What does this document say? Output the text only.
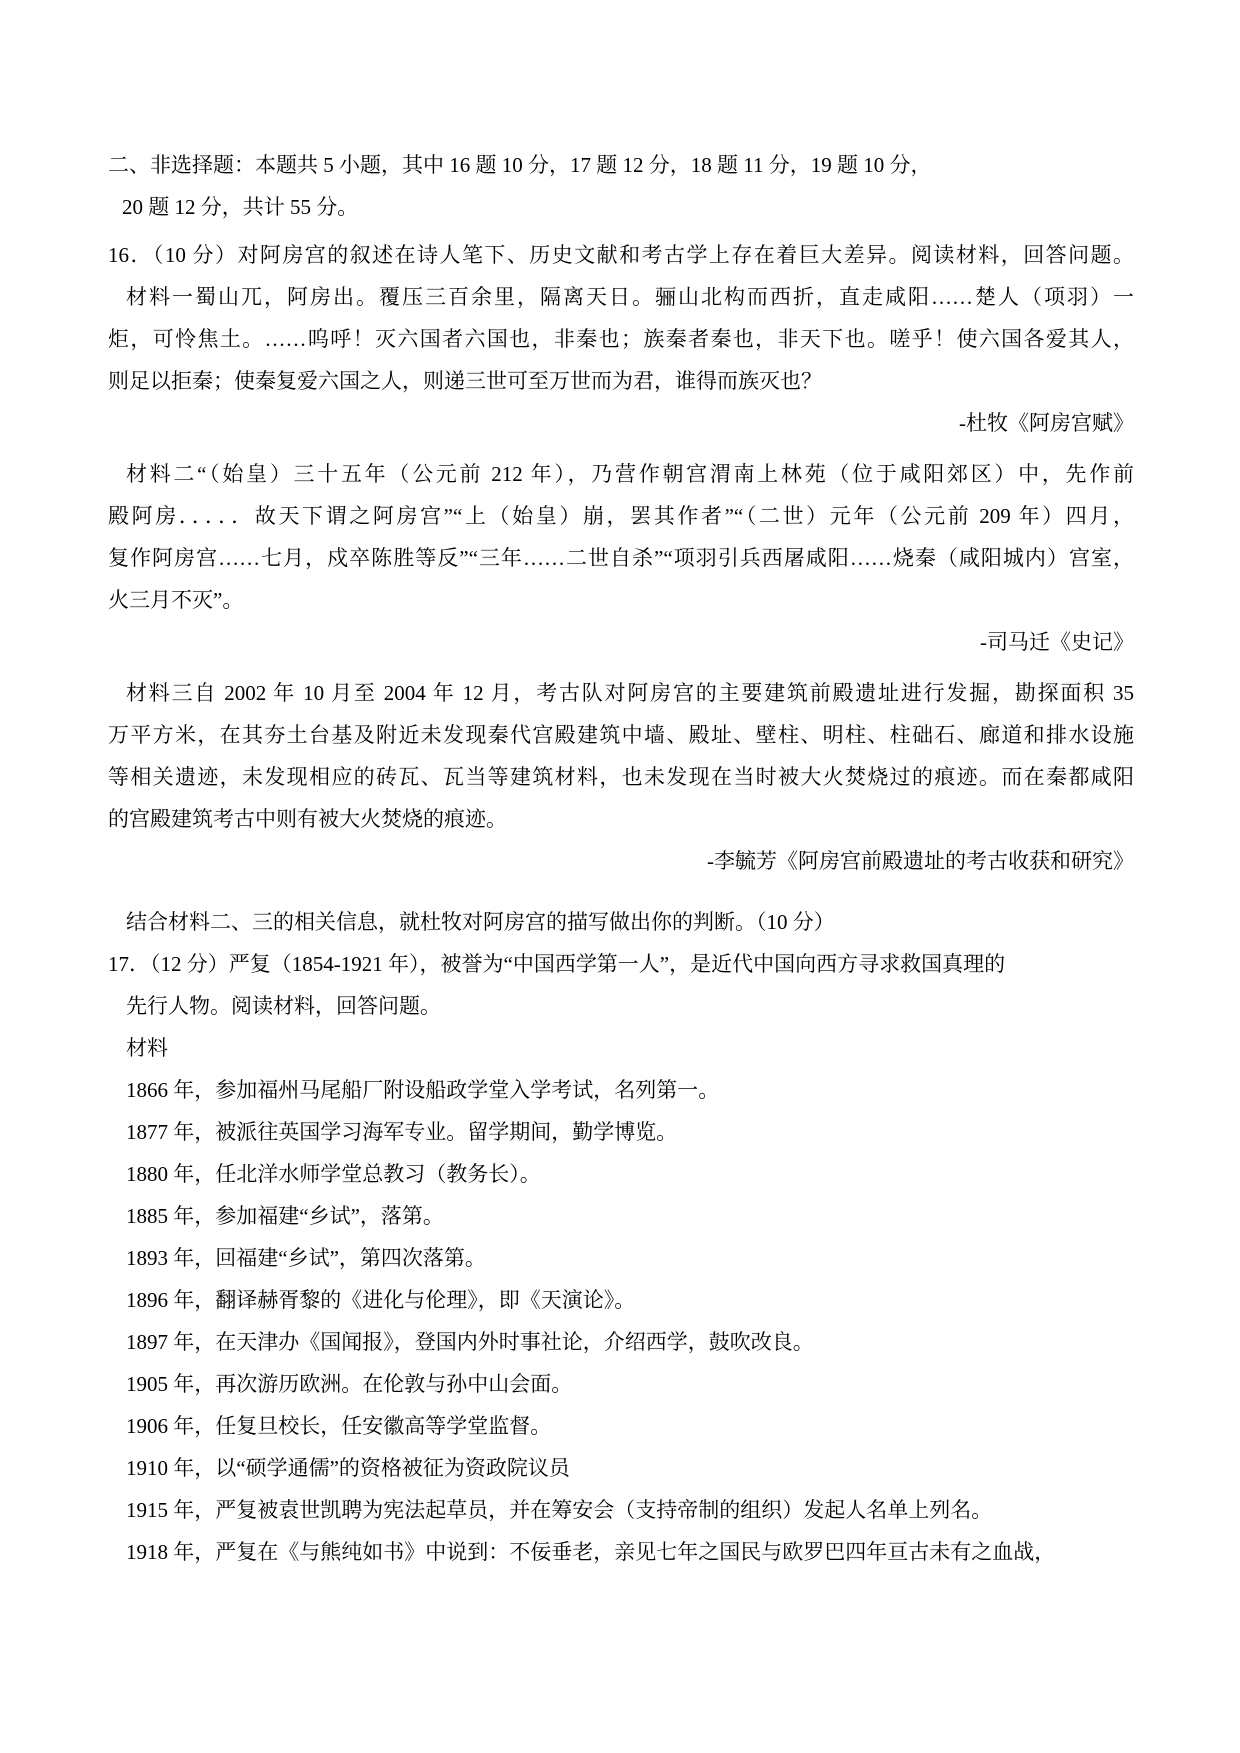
二、非选择题：本题共 5 小题，其中 16 题 10 分，17 题 12 分，18 题 11 分，19 题 10 分，
20 题 12 分，共计 55 分。
16．（10 分）对阿房宫的叙述在诗人笔下、历史文献和考古学上存在着巨大差异。阅读材料，回答问题。
材料一蜀山兀，阿房出。覆压三百余里，隔离天日。骊山北构而西折，直走咸阳……楚人（项羽）一
炬，可怜焦土。……呜呼！灭六国者六国也，非秦也；族秦者秦也，非天下也。嗟乎！使六国各爱其人，
则足以拒秦；使秦复爱六国之人，则递三世可至万世而为君，谁得而族灭也？
-杜牧《阿房宫赋》
材料二“（始皇）三十五年（公元前 212 年），乃营作朝宫渭南上林苑（位于咸阳郊区）中，先作前
殿阿房．．．．．故天下谓之阿房宫”“上（始皇）崩，罢其作者”“（二世）元年（公元前 209 年）四月，
复作阿房宫……七月，戍卒陈胜等反”“三年……二世自杀”“项羽引兵西屠咸阳……烧秦（咸阳城内）宫室，
火三月不灭”。
-司马迁《史记》
材料三自 2002 年 10 月至 2004 年 12 月，考古队对阿房宫的主要建筑前殿遗址进行发掘，勘探面积 35
万平方米，在其夯土台基及附近未发现秦代宫殿建筑中墙、殿址、壁柱、明柱、柱础石、廊道和排水设施
等相关遗迹，未发现相应的砖瓦、瓦当等建筑材料，也未发现在当时被大火焚烧过的痕迹。而在秦都咸阳
的宫殿建筑考古中则有被大火焚烧的痕迹。
-李毓芳《阿房宫前殿遗址的考古收获和研究》
结合材料二、三的相关信息，就杜牧对阿房宫的描写做出你的判断。（10 分）
17．（12 分）严复（1854-1921 年），被誉为“中国西学第一人”，是近代中国向西方寻求救国真理的
先行人物。阅读材料，回答问题。
材料
1866 年，参加福州马尾船厂附设船政学堂入学考试，名列第一。
1877 年，被派往英国学习海军专业。留学期间，勤学博览。
1880 年，任北洋水师学堂总教习（教务长）。
1885 年，参加福建“乡试”，落第。
1893 年，回福建“乡试”，第四次落第。
1896 年，翻译赫胥黎的《进化与伦理》，即《天演论》。
1897 年，在天津办《国闻报》，登国内外时事社论，介绍西学，鼓吹改良。
1905 年，再次游历欧洲。在伦敦与孙中山会面。
1906 年，任复旦校长，任安徽高等学堂监督。
1910 年，以“硕学通儒”的资格被征为资政院议员
1915 年，严复被袁世凯聘为宪法起草员，并在筹安会（支持帝制的组织）发起人名单上列名。
1918 年，严复在《与熊纯如书》中说到：不佞垂老，亲见七年之国民与欧罗巴四年亘古未有之血战，
